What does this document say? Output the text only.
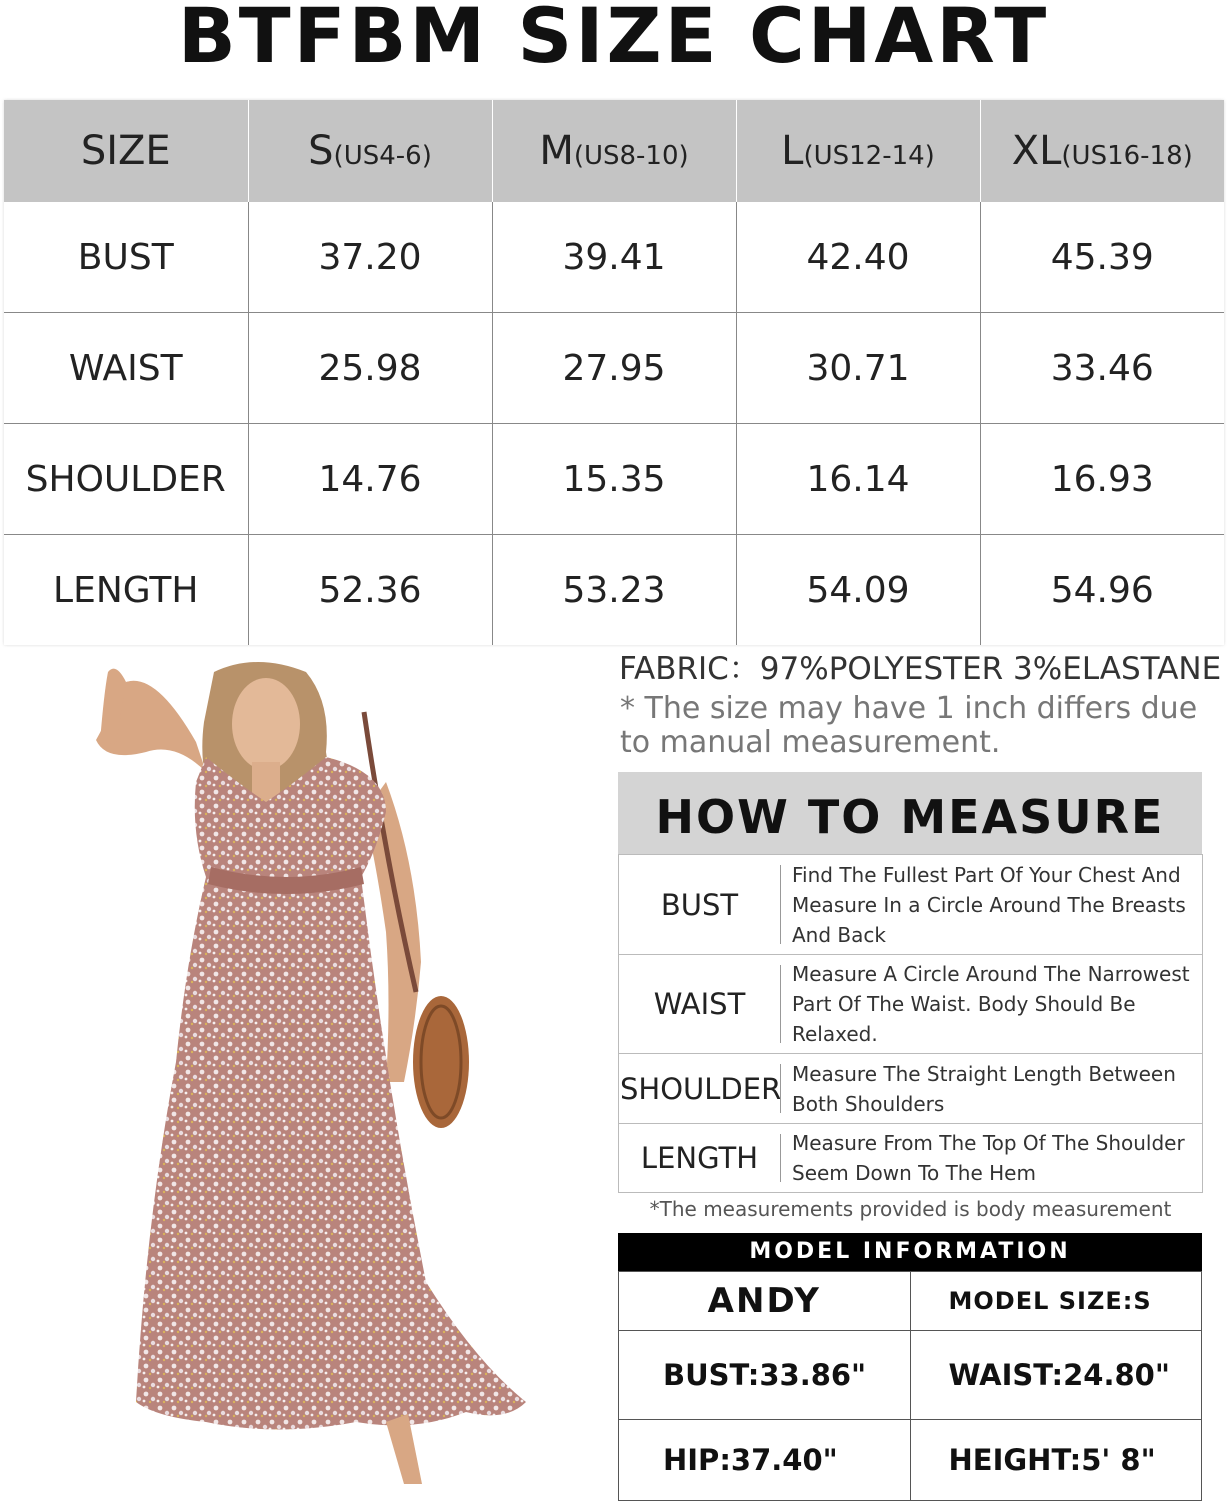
BTFBM SIZE CHART
SIZE	S(US4-6)	M(US8-10)	L(US12-14)	XL(US16-18)
BUST	37.20	39.41	42.40	45.39
WAIST	25.98	27.95	30.71	33.46
SHOULDER	14.76	15.35	16.14	16.93
LENGTH	52.36	53.23	54.09	54.96
FABRIC：97%POLYESTER 3%ELASTANE
* The size may have 1 inch differs due to manual measurement.
HOW TO MEASURE
BUST	Find The Fullest Part Of Your Chest And Measure In a Circle Around The Breasts And Back
WAIST	Measure A Circle Around The Narrowest Part Of The Waist. Body Should Be Relaxed.
SHOULDER	Measure The Straight Length Between Both Shoulders
LENGTH	Measure From The Top Of The Shoulder Seem Down To The Hem
*The measurements provided is body measurement
MODEL INFORMATION
ANDY	MODEL SIZE:S
BUST:33.86"	WAIST:24.80"
HIP:37.40"	HEIGHT:5' 8"
